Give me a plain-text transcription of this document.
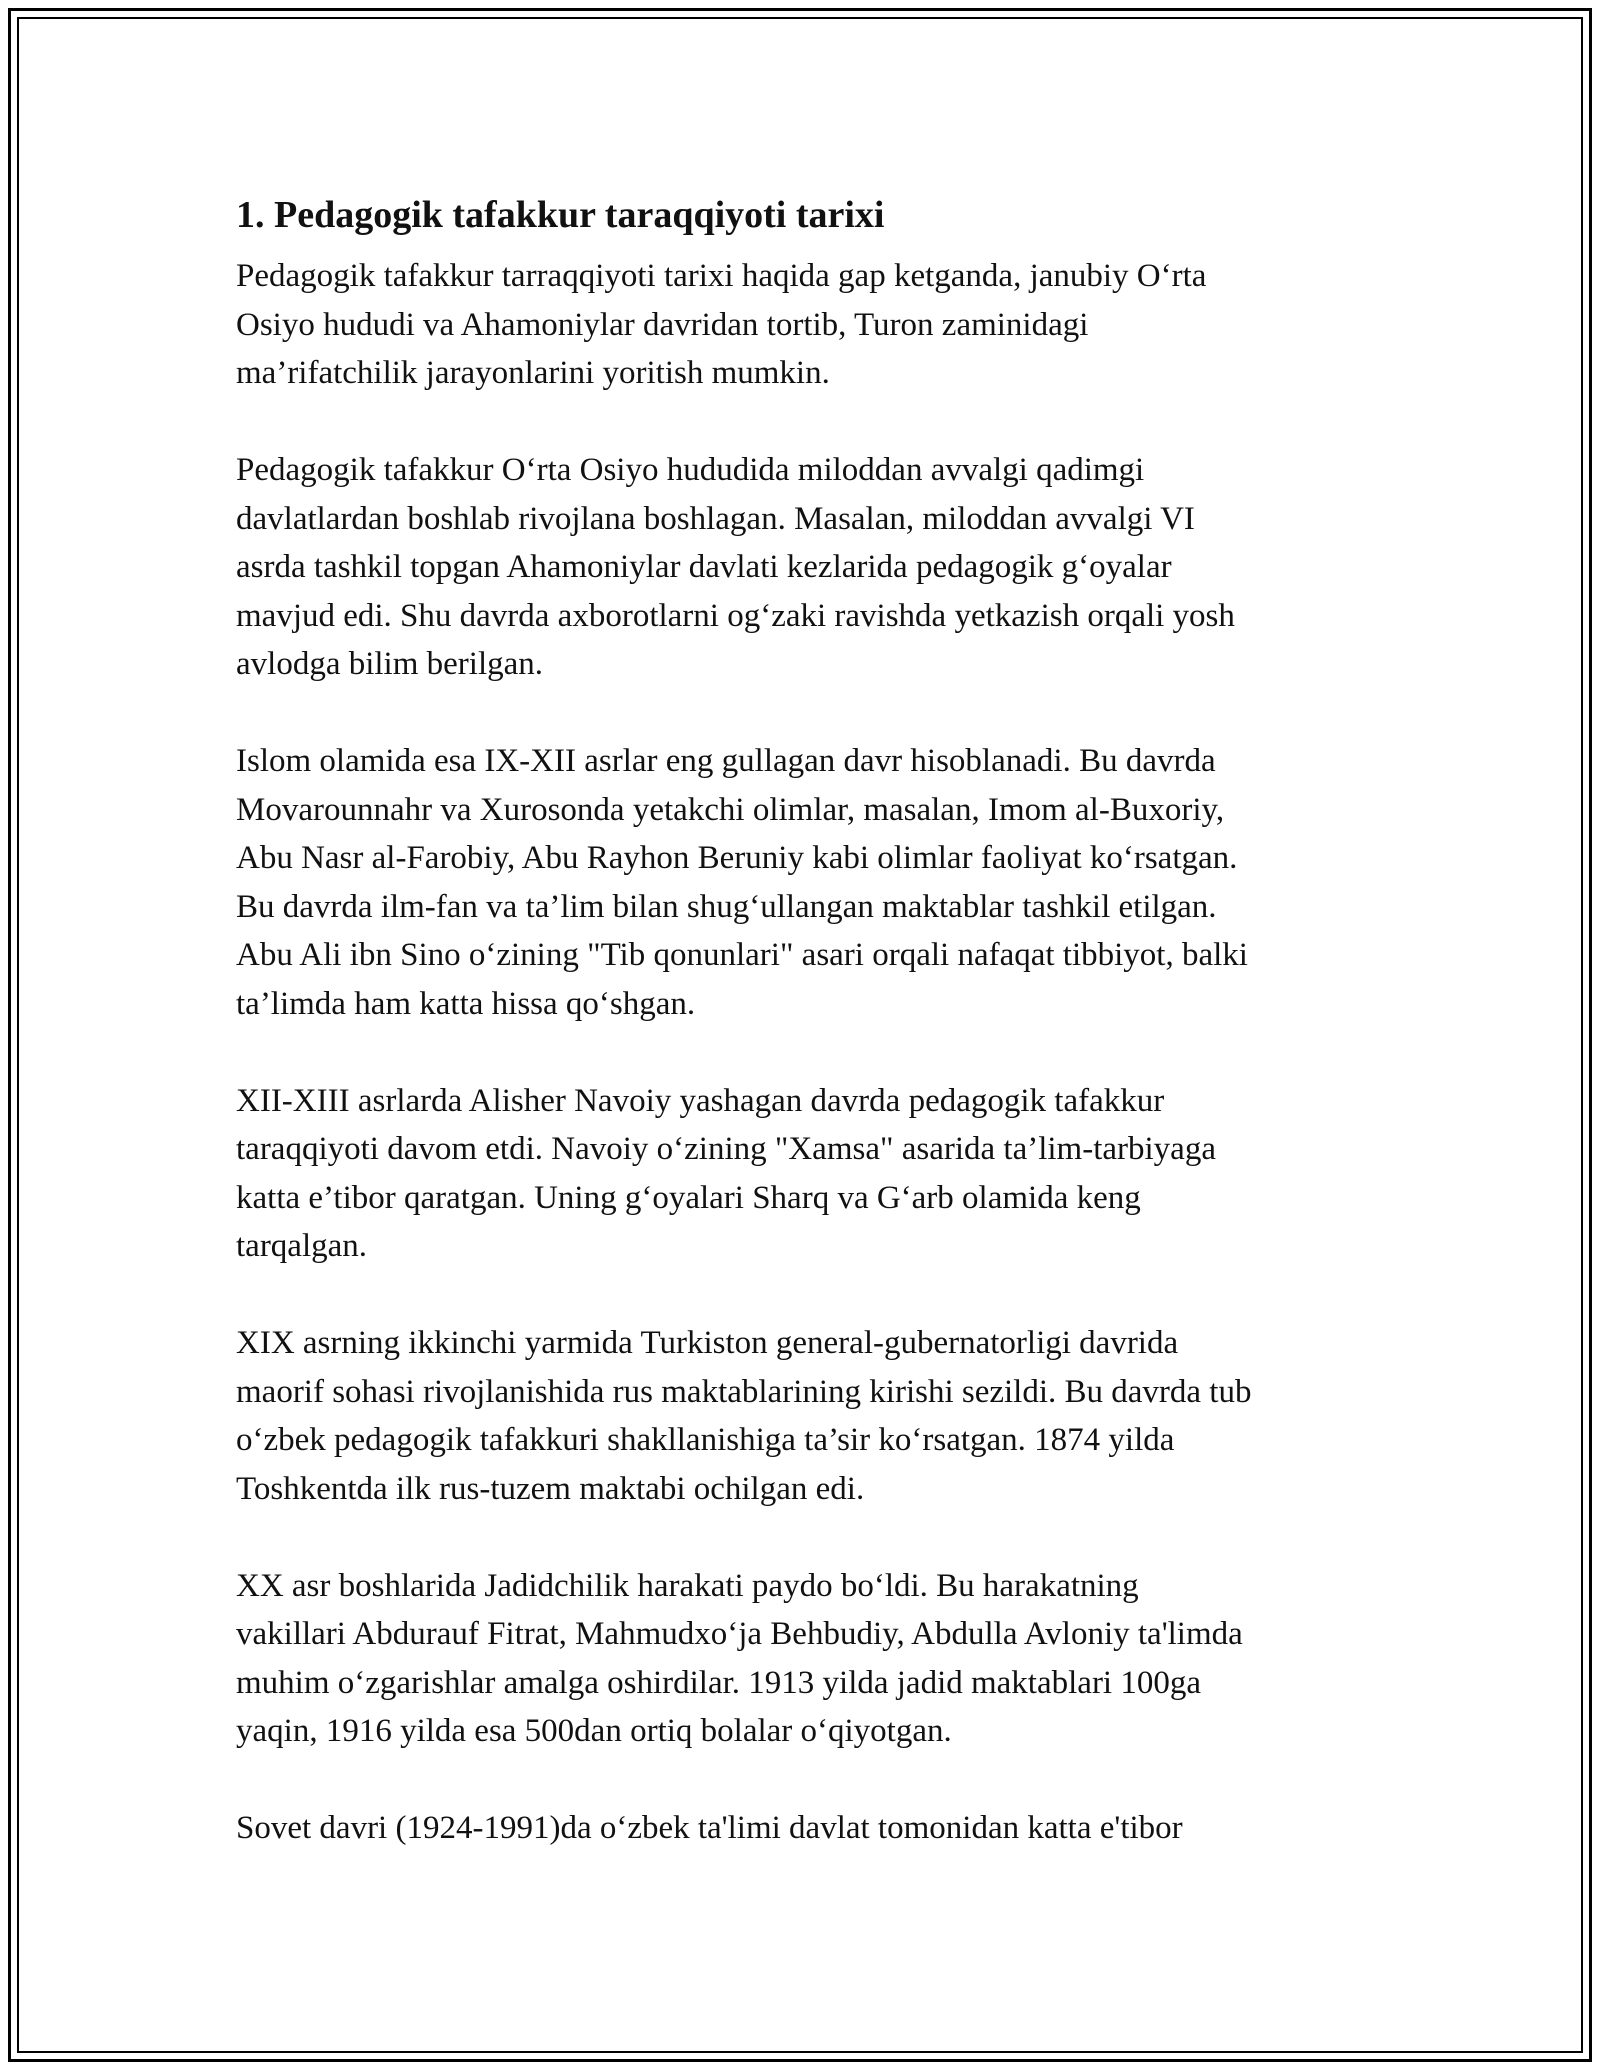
1. Pedagogik tafakkur taraqqiyoti tarixi

Pedagogik tafakkur tarraqqiyoti tarixi haqida gap ketganda, janubiy O‘rta
Osiyo hududi va Ahamoniylar davridan tortib, Turon zaminidagi
ma’rifatchilik jarayonlarini yoritish mumkin.

Pedagogik tafakkur O‘rta Osiyo hududida miloddan avvalgi qadimgi
davlatlardan boshlab rivojlana boshlagan. Masalan, miloddan avvalgi VI
asrda tashkil topgan Ahamoniylar davlati kezlarida pedagogik g‘oyalar
mavjud edi. Shu davrda axborotlarni og‘zaki ravishda yetkazish orqali yosh
avlodga bilim berilgan.

Islom olamida esa IX-XII asrlar eng gullagan davr hisoblanadi. Bu davrda
Movarounnahr va Xurosonda yetakchi olimlar, masalan, Imom al-Buxoriy,
Abu Nasr al-Farobiy, Abu Rayhon Beruniy kabi olimlar faoliyat ko‘rsatgan.
Bu davrda ilm-fan va ta’lim bilan shug‘ullangan maktablar tashkil etilgan.
Abu Ali ibn Sino o‘zining "Tib qonunlari" asari orqali nafaqat tibbiyot, balki
ta’limda ham katta hissa qo‘shgan.

XII-XIII asrlarda Alisher Navoiy yashagan davrda pedagogik tafakkur
taraqqiyoti davom etdi. Navoiy o‘zining "Xamsa" asarida ta’lim-tarbiyaga
katta e’tibor qaratgan. Uning g‘oyalari Sharq va G‘arb olamida keng
tarqalgan.

XIX asrning ikkinchi yarmida Turkiston general-gubernatorligi davrida
maorif sohasi rivojlanishida rus maktablarining kirishi sezildi. Bu davrda tub
o‘zbek pedagogik tafakkuri shakllanishiga ta’sir ko‘rsatgan. 1874 yilda
Toshkentda ilk rus-tuzem maktabi ochilgan edi.

XX asr boshlarida Jadidchilik harakati paydo bo‘ldi. Bu harakatning
vakillari Abdurauf Fitrat, Mahmudxo‘ja Behbudiy, Abdulla Avloniy ta'limda
muhim o‘zgarishlar amalga oshirdilar. 1913 yilda jadid maktablari 100ga
yaqin, 1916 yilda esa 500dan ortiq bolalar o‘qiyotgan.

Sovet davri (1924-1991)da o‘zbek ta'limi davlat tomonidan katta e'tibor
